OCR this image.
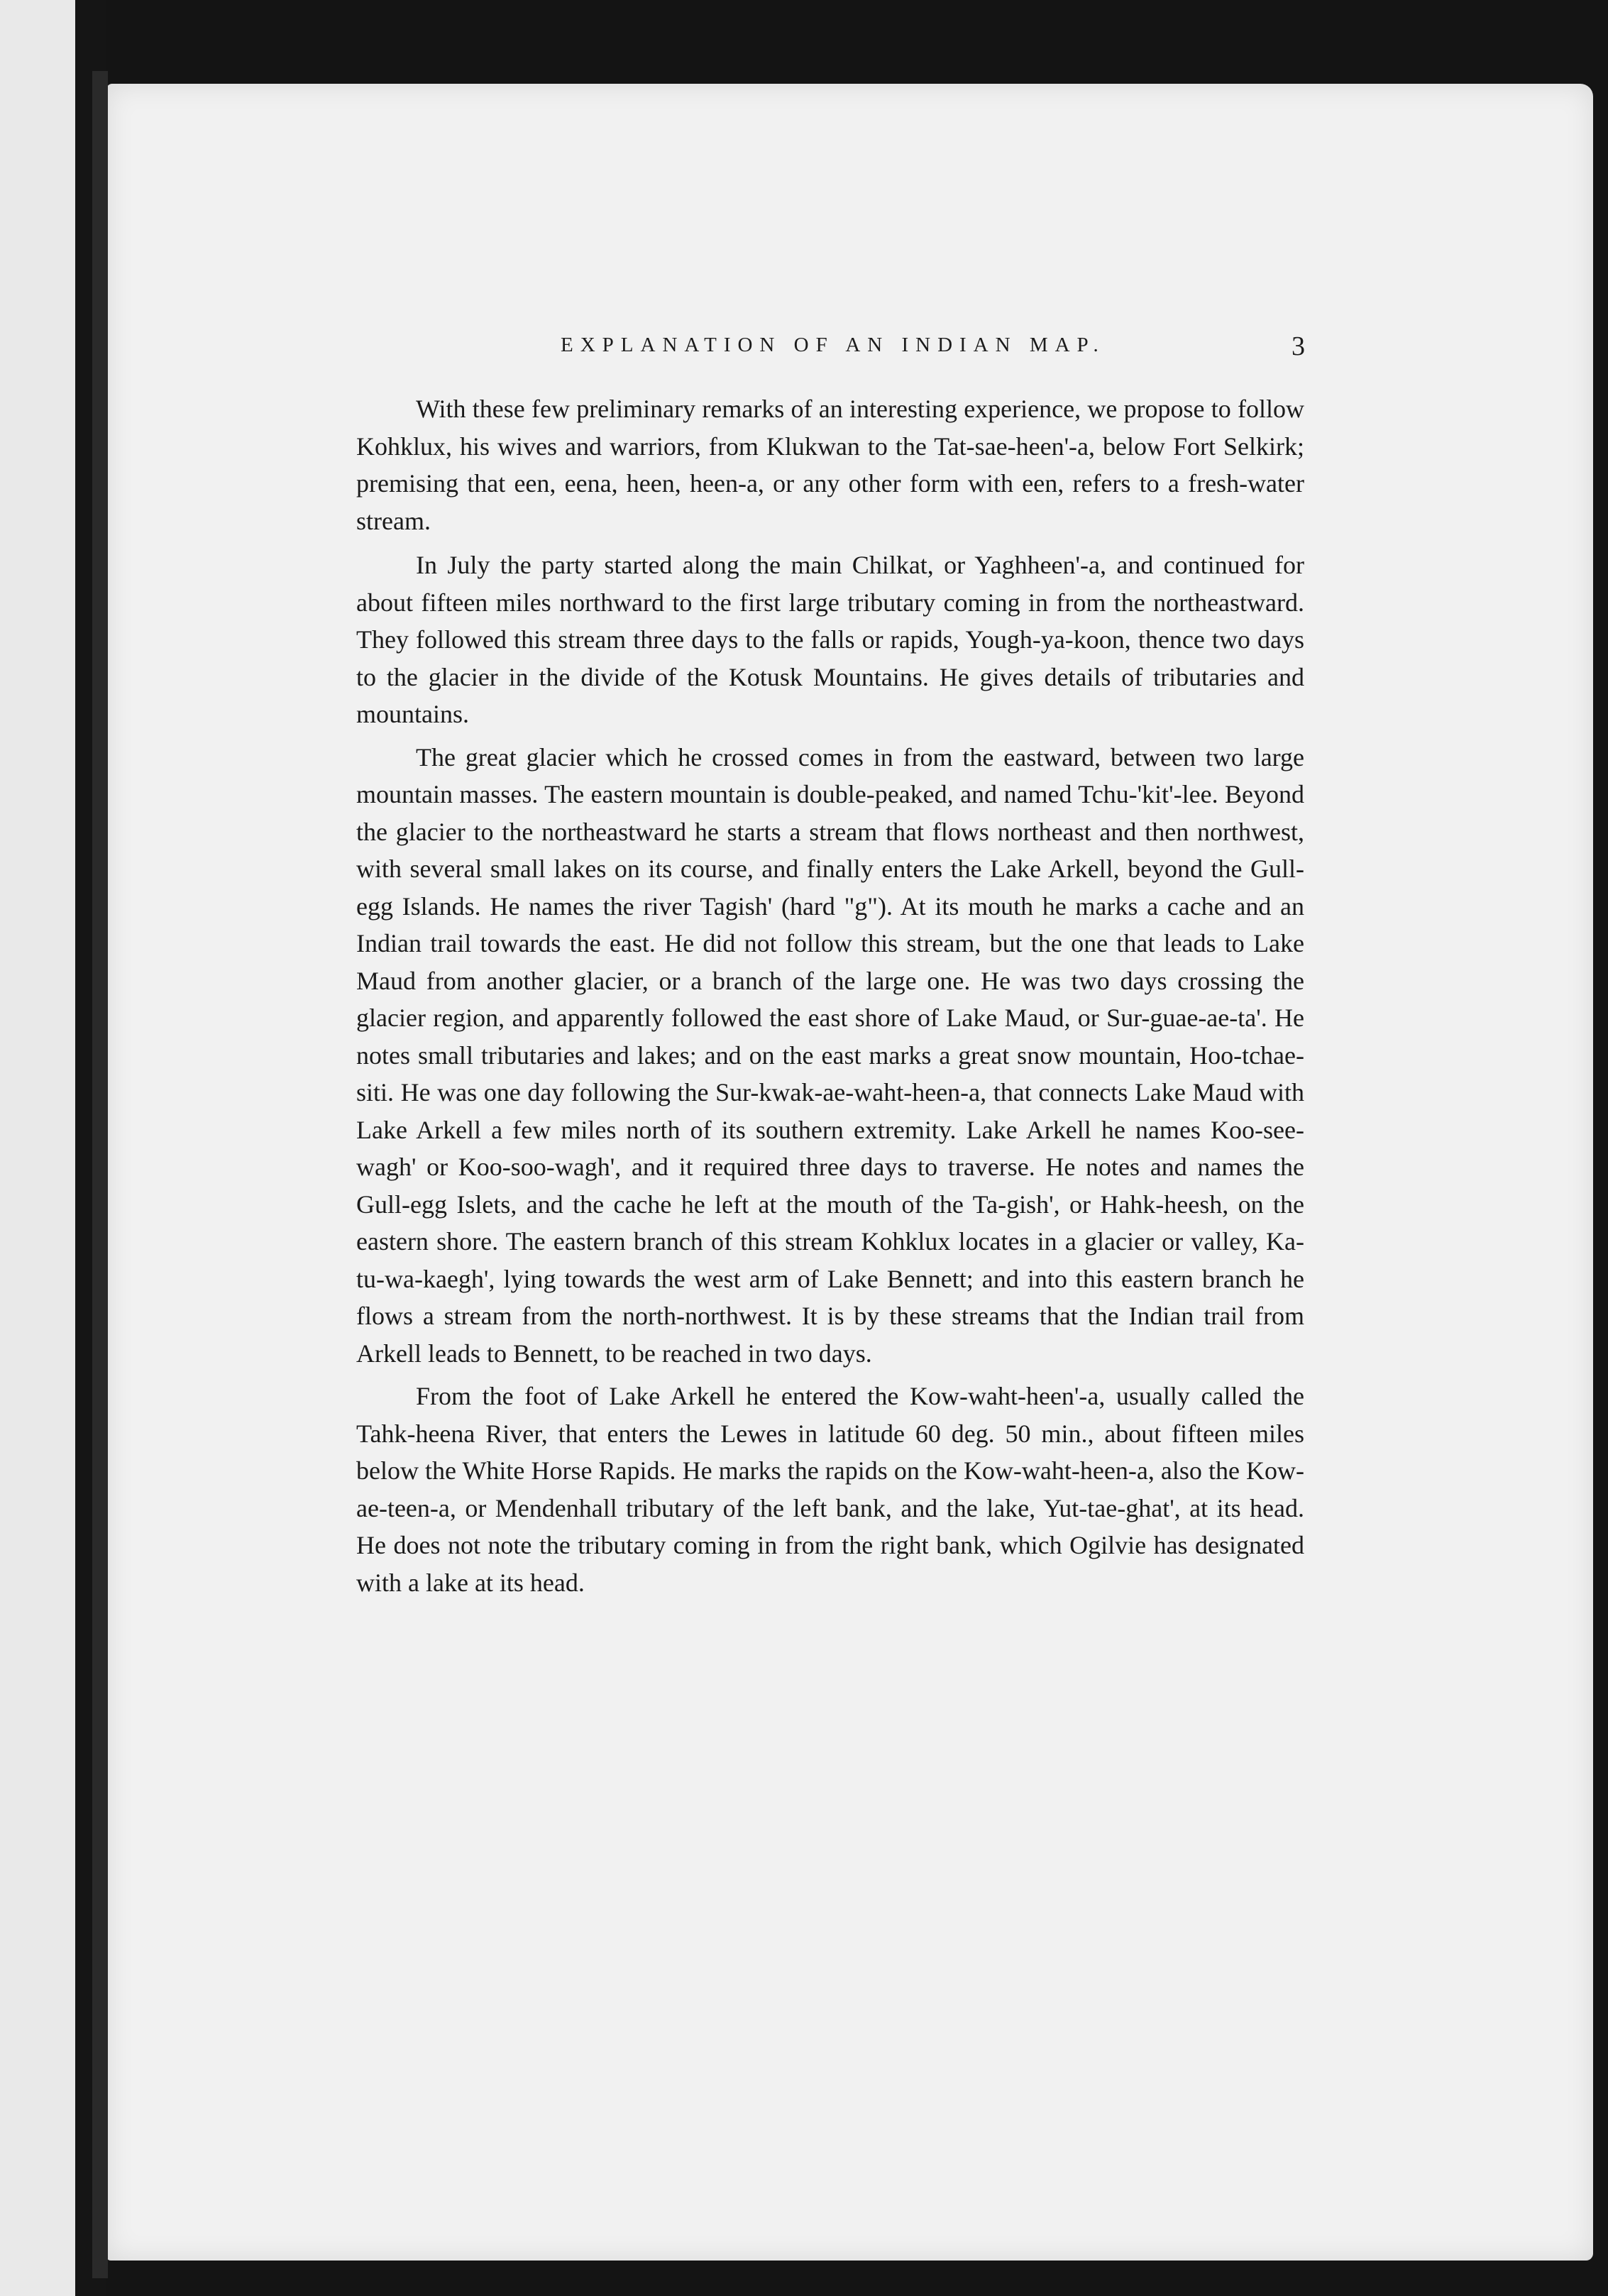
EXPLANATION OF AN INDIAN MAP.	3

With these few preliminary remarks of an interesting experience, we propose to follow Kohklux, his wives and warriors, from Klukwan to the Tat-sae-heen'-a, below Fort Selkirk; premising that een, eena, heen, heen-a, or any other form with een, refers to a fresh-water stream.

In July the party started along the main Chilkat, or Yaghheen'-a, and continued for about fifteen miles northward to the first large tributary coming in from the northeastward. They followed this stream three days to the falls or rapids, Yough-ya-koon, thence two days to the glacier in the divide of the Kotusk Mountains. He gives details of tributaries and mountains.

The great glacier which he crossed comes in from the eastward, between two large mountain masses. The eastern mountain is double-peaked, and named Tchu-'kit'-lee. Beyond the glacier to the northeastward he starts a stream that flows northeast and then northwest, with several small lakes on its course, and finally enters the Lake Arkell, beyond the Gull-egg Islands. He names the river Tagish' (hard "g"). At its mouth he marks a cache and an Indian trail towards the east. He did not follow this stream, but the one that leads to Lake Maud from another glacier, or a branch of the large one. He was two days crossing the glacier region, and apparently followed the east shore of Lake Maud, or Sur-guae-ae-ta'. He notes small tributaries and lakes; and on the east marks a great snow mountain, Hoo-tchae-siti. He was one day following the Sur-kwak-ae-waht-heen-a, that connects Lake Maud with Lake Arkell a few miles north of its southern extremity. Lake Arkell he names Koo-see-wagh' or Koo-soo-wagh', and it required three days to traverse. He notes and names the Gull-egg Islets, and the cache he left at the mouth of the Ta-gish', or Hahk-heesh, on the eastern shore. The eastern branch of this stream Kohklux locates in a glacier or valley, Ka-tu-wa-kaegh', lying towards the west arm of Lake Bennett; and into this eastern branch he flows a stream from the north-northwest. It is by these streams that the Indian trail from Arkell leads to Bennett, to be reached in two days.

From the foot of Lake Arkell he entered the Kow-waht-heen'-a, usually called the Tahk-heena River, that enters the Lewes in latitude 60 deg. 50 min., about fifteen miles below the White Horse Rapids. He marks the rapids on the Kow-waht-heen-a, also the Kow-ae-teen-a, or Mendenhall tributary of the left bank, and the lake, Yut-tae-ghat', at its head. He does not note the tributary coming in from the right bank, which Ogilvie has designated with a lake at its head.
